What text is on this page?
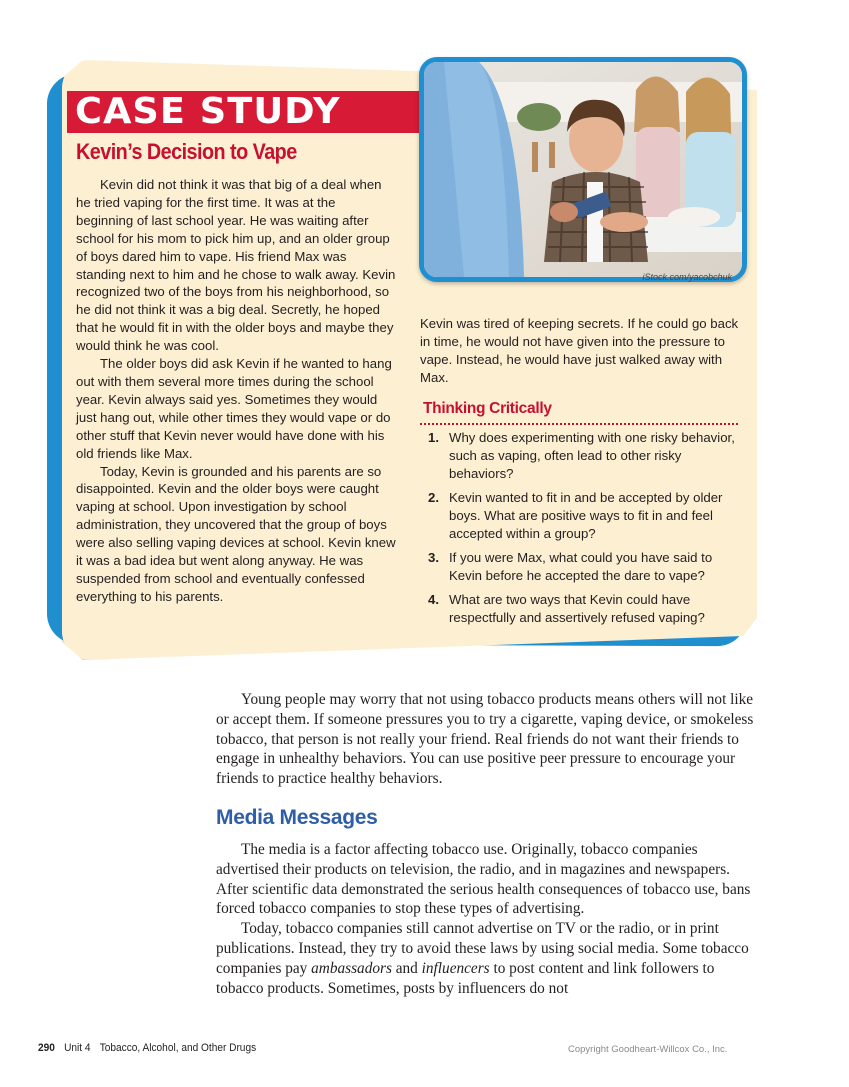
CASE STUDY
Kevin’s Decision to Vape

Kevin did not think it was that big of a deal when he tried vaping for the first time. It was at the beginning of last school year. He was waiting after school for his mom to pick him up, and an older group of boys dared him to vape. His friend Max was standing next to him and he chose to walk away. Kevin recognized two of the boys from his neighborhood, so he did not think it was a big deal. Secretly, he hoped that he would fit in with the older boys and maybe they would think he was cool.

The older boys did ask Kevin if he wanted to hang out with them several more times during the school year. Kevin always said yes. Sometimes they would just hang out, while other times they would vape or do other stuff that Kevin never would have done with his old friends like Max.

Today, Kevin is grounded and his parents are so disappointed. Kevin and the older boys were caught vaping at school. Upon investigation by school administration, they uncovered that the group of boys were also selling vaping devices at school. Kevin knew it was a bad idea but went along anyway. He was suspended from school and eventually confessed everything to his parents.

iStock.com/yacobchuk
Kevin was tired of keeping secrets. If he could go back in time, he would not have given into the pressure to vape. Instead, he would have just walked away with Max.
Thinking Critically
1. Why does experimenting with one risky behavior, such as vaping, often lead to other risky behaviors?
2. Kevin wanted to fit in and be accepted by older boys. What are positive ways to fit in and feel accepted within a group?
3. If you were Max, what could you have said to Kevin before he accepted the dare to vape?
4. What are two ways that Kevin could have respectfully and assertively refused vaping?

Young people may worry that not using tobacco products means others will not like or accept them. If someone pressures you to try a cigarette, vaping device, or smokeless tobacco, that person is not really your friend. Real friends do not want their friends to engage in unhealthy behaviors. You can use positive peer pressure to encourage your friends to practice healthy behaviors.

Media Messages

The media is a factor affecting tobacco use. Originally, tobacco companies advertised their products on television, the radio, and in magazines and newspapers. After scientific data demonstrated the serious health consequences of tobacco use, bans forced tobacco companies to stop these types of advertising.

Today, tobacco companies still cannot advertise on TV or the radio, or in print publications. Instead, they try to avoid these laws by using social media. Some tobacco companies pay ambassadors and influencers to post content and link followers to tobacco products. Sometimes, posts by influencers do not

290 Unit 4 Tobacco, Alcohol, and Other Drugs	Copyright Goodheart-Willcox Co., Inc.
